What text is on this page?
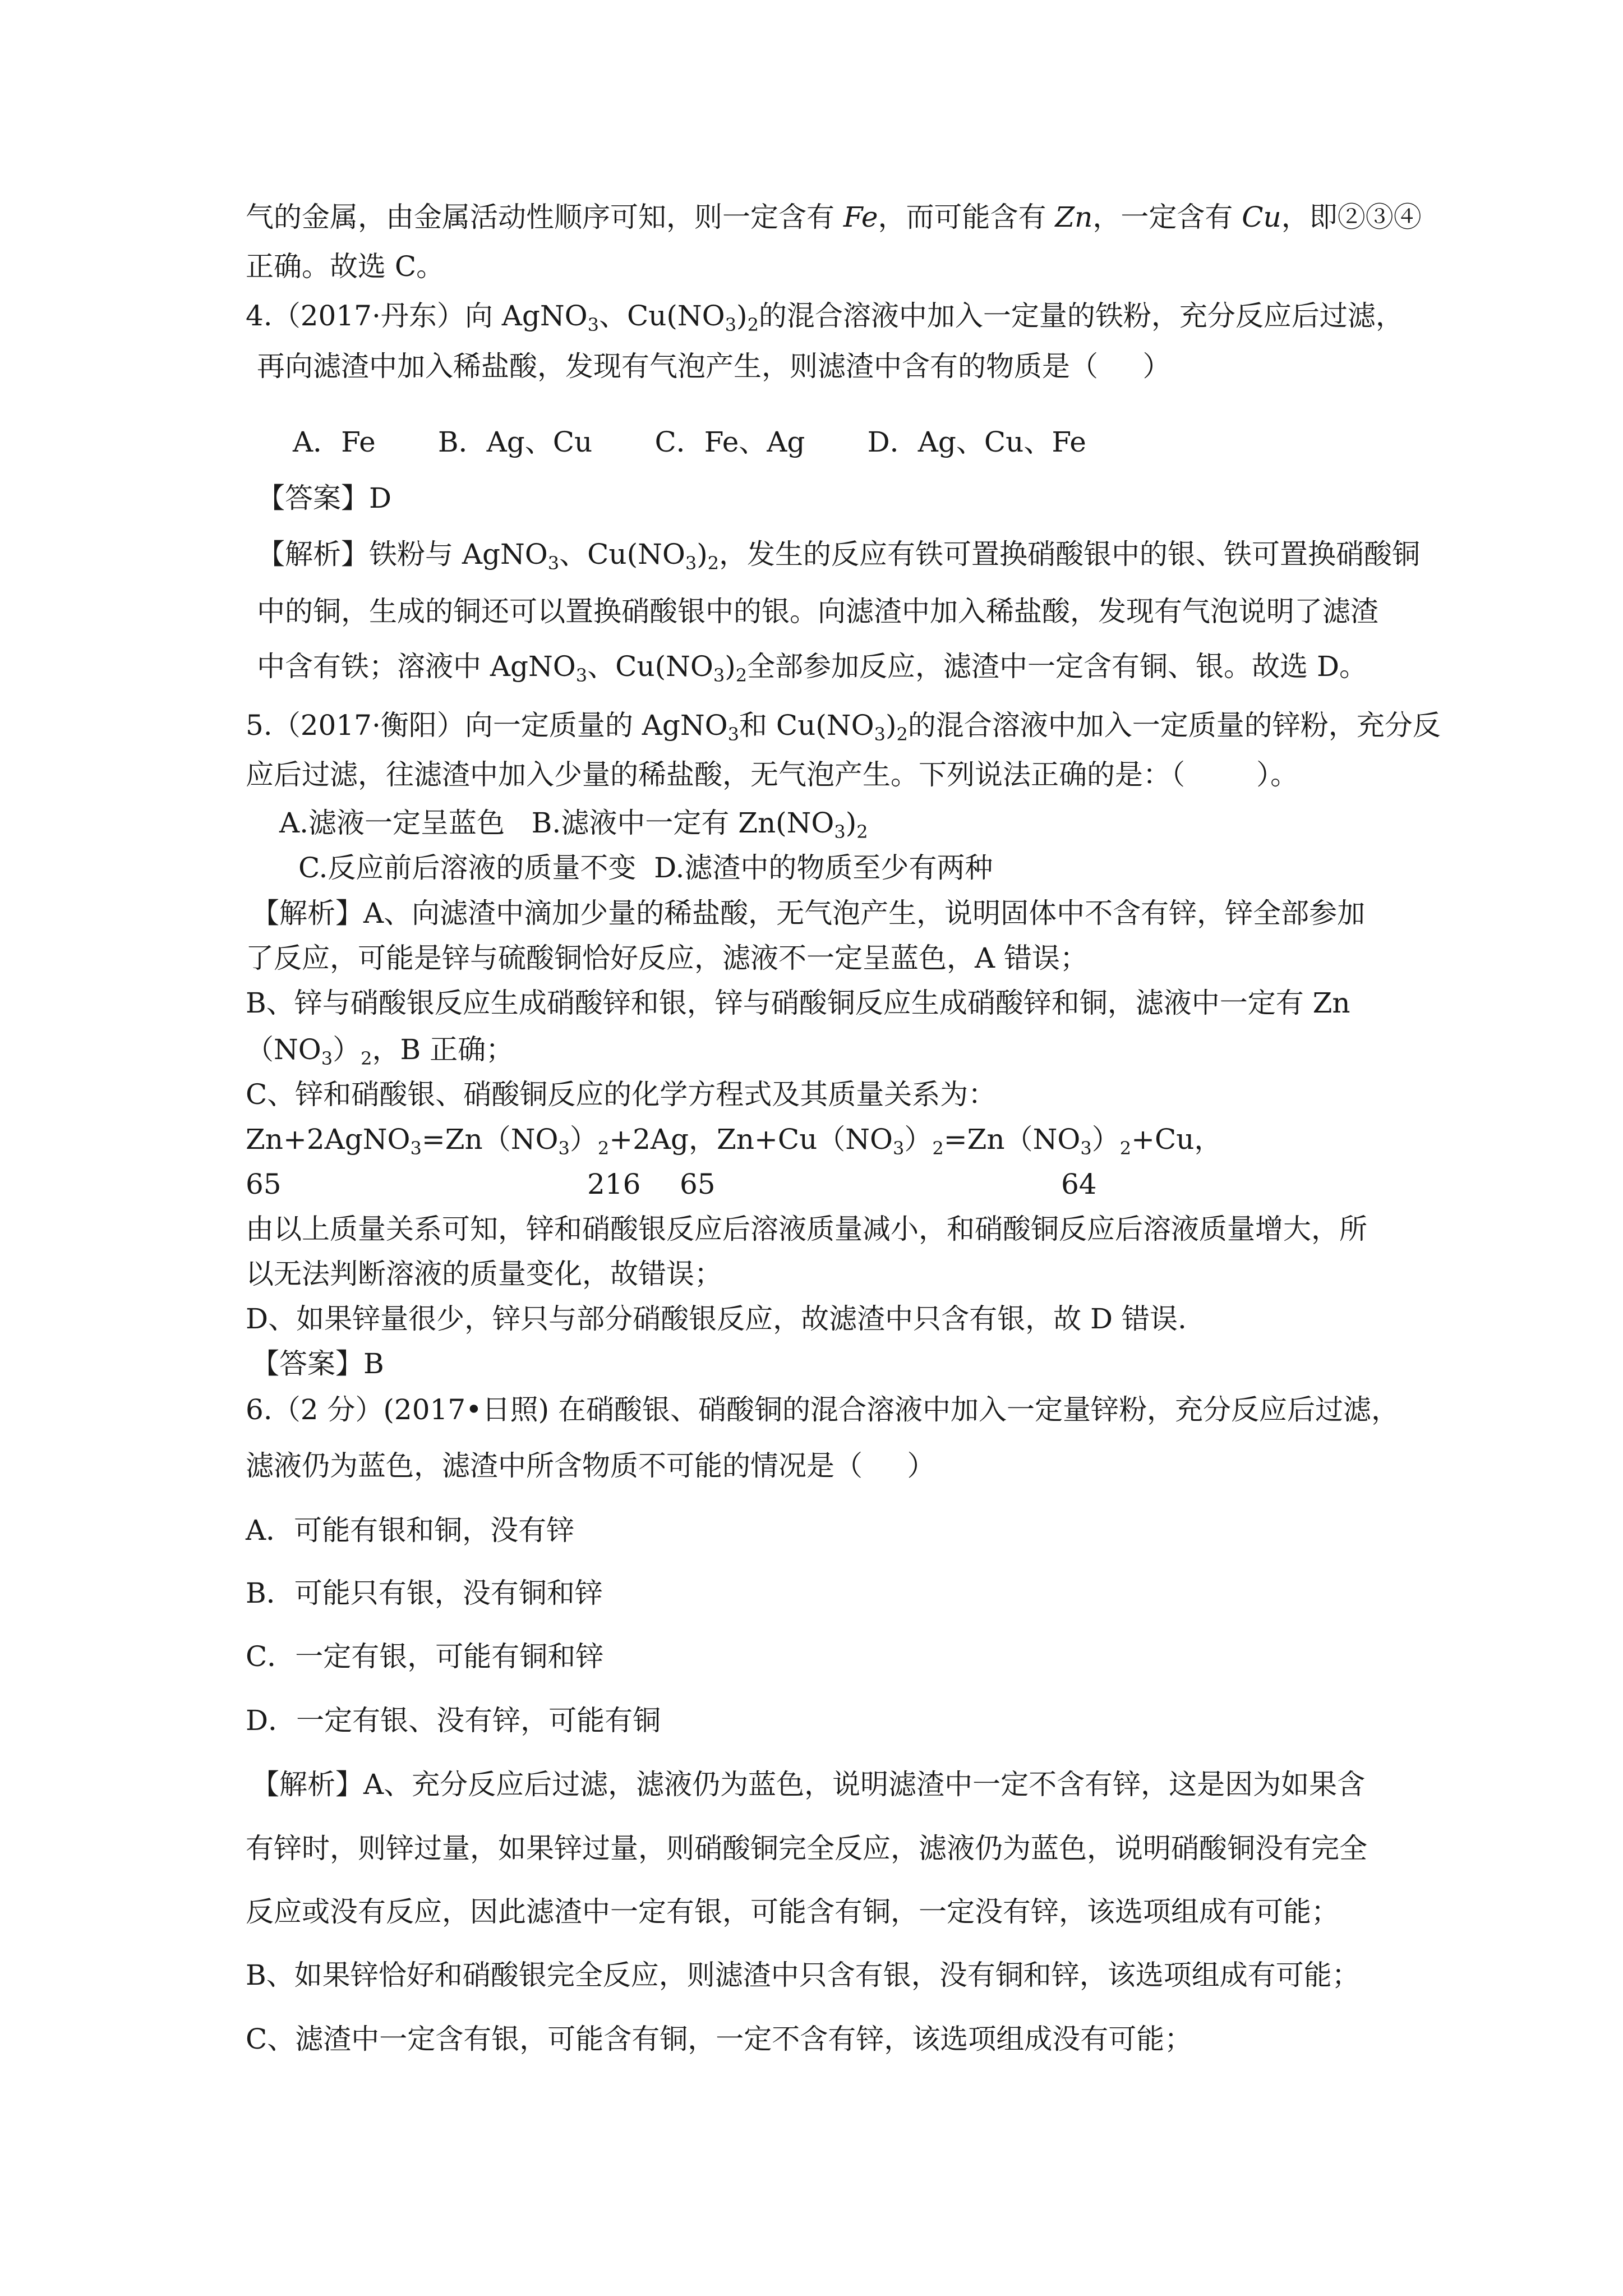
气的金属，由金属活动性顺序可知，则一定含有 Fe，而可能含有 Zn，一定含有 Cu，即②③④
正确。故选 C。
4.（2017·丹东）向 AgNO$_3$、$Cu(NO_3)_2$的混合溶液中加入一定量的铁粉，充分反应后过滤，
再向滤渣中加入稀盐酸，发现有气泡产生，则滤渣中含有的物质是（     ）
A．Fe       B．Ag、Cu       C．Fe、Ag       D．Ag、Cu、Fe
【答案】D
【解析】铁粉与 AgNO$_3$、$Cu(NO_3)_2$，发生的反应有铁可置换硝酸银中的银、铁可置换硝酸铜
中的铜，生成的铜还可以置换硝酸银中的银。向滤渣中加入稀盐酸，发现有气泡说明了滤渣
中含有铁；溶液中 AgNO$_3$、$Cu(NO_3)_2$全部参加反应，滤渣中一定含有铜、银。故选 D。
5.（2017·衡阳）向一定质量的 AgNO$_3$和 $Cu(NO_3)_2$的混合溶液中加入一定质量的锌粉，充分反
应后过滤，往滤渣中加入少量的稀盐酸，无气泡产生。下列说法正确的是：（        ）。
A.滤液一定呈蓝色   B.滤液中一定有 $Zn(NO_3)_2$
C.反应前后溶液的质量不变  D.滤渣中的物质至少有两种
【解析】A、向滤渣中滴加少量的稀盐酸，无气泡产生，说明固体中不含有锌，锌全部参加
了反应，可能是锌与硫酸铜恰好反应，滤液不一定呈蓝色，A 错误；
B、锌与硝酸银反应生成硝酸锌和银，锌与硝酸铜反应生成硝酸锌和铜，滤液中一定有 Zn
$(NO_3)_2$，B 正确；
C、锌和硝酸银、硝酸铜反应的化学方程式及其质量关系为：
$Zn+2AgNO_3=Zn(NO_3)_2+2Ag$，$Zn+Cu(NO_3)_2=Zn(NO_3)_2+Cu$，
65	216 65	64
由以上质量关系可知，锌和硝酸银反应后溶液质量减小，和硝酸铜反应后溶液质量增大，所
以无法判断溶液的质量变化，故错误；
D、如果锌量很少，锌只与部分硝酸银反应，故滤渣中只含有银，故 D 错误.
【答案】B
6.（2 分）(2017•日照) 在硝酸银、硝酸铜的混合溶液中加入一定量锌粉，充分反应后过滤，
滤液仍为蓝色，滤渣中所含物质不可能的情况是（     ）
A．可能有银和铜，没有锌
B．可能只有银，没有铜和锌
C．一定有银，可能有铜和锌
D．一定有银、没有锌，可能有铜
【解析】A、充分反应后过滤，滤液仍为蓝色，说明滤渣中一定不含有锌，这是因为如果含
有锌时，则锌过量，如果锌过量，则硝酸铜完全反应，滤液仍为蓝色，说明硝酸铜没有完全
反应或没有反应，因此滤渣中一定有银，可能含有铜，一定没有锌，该选项组成有可能；
B、如果锌恰好和硝酸银完全反应，则滤渣中只含有银，没有铜和锌，该选项组成有可能；
C、滤渣中一定含有银，可能含有铜，一定不含有锌，该选项组成没有可能；
